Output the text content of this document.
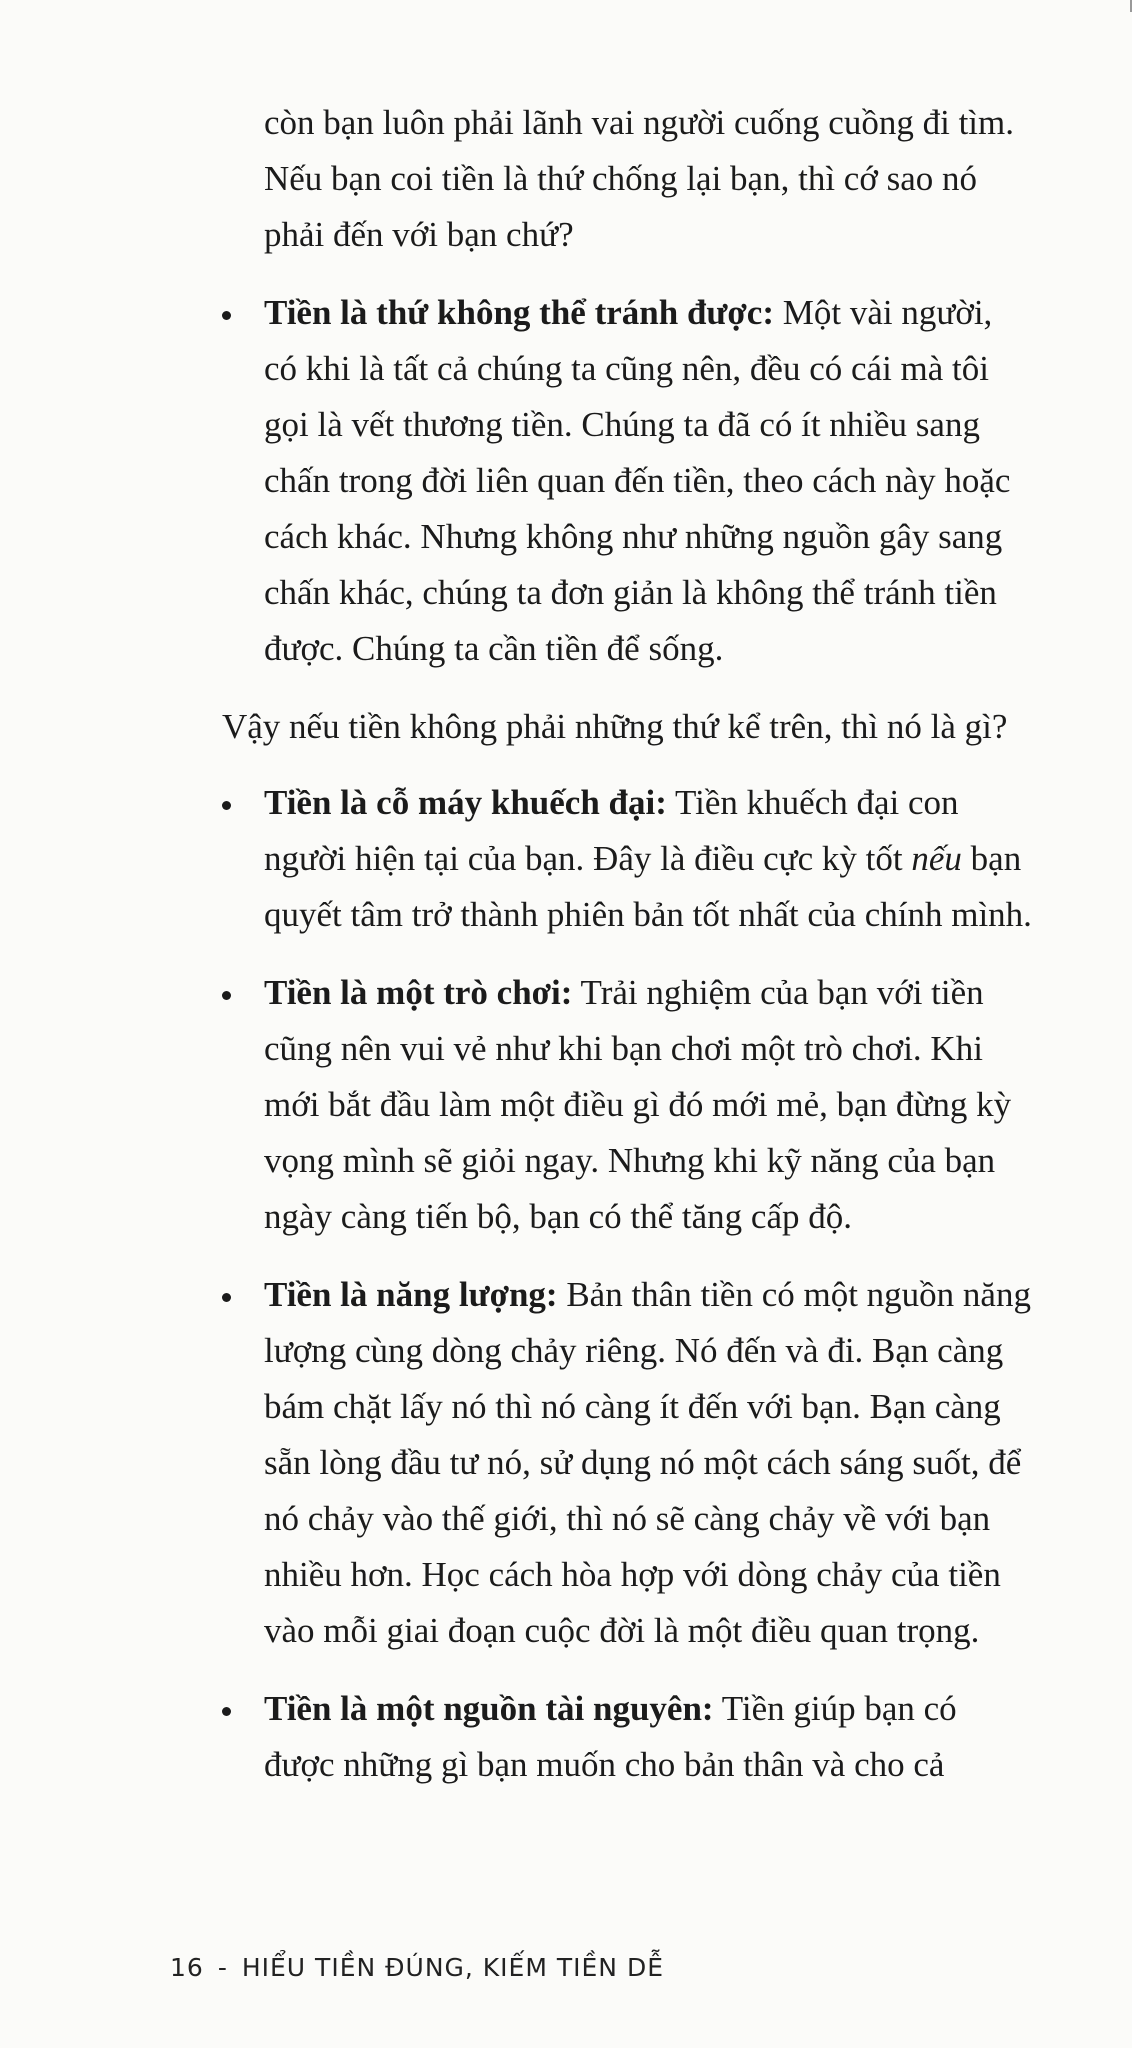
còn bạn luôn phải lãnh vai người cuống cuồng đi tìm. Nếu bạn coi tiền là thứ chống lại bạn, thì cớ sao nó phải đến với bạn chứ?

Tiền là thứ không thể tránh được: Một vài người, có khi là tất cả chúng ta cũng nên, đều có cái mà tôi gọi là vết thương tiền. Chúng ta đã có ít nhiều sang chấn trong đời liên quan đến tiền, theo cách này hoặc cách khác. Nhưng không như những nguồn gây sang chấn khác, chúng ta đơn giản là không thể tránh tiền được. Chúng ta cần tiền để sống.

Vậy nếu tiền không phải những thứ kể trên, thì nó là gì?

Tiền là cỗ máy khuếch đại: Tiền khuếch đại con người hiện tại của bạn. Đây là điều cực kỳ tốt nếu bạn quyết tâm trở thành phiên bản tốt nhất của chính mình.
Tiền là một trò chơi: Trải nghiệm của bạn với tiền cũng nên vui vẻ như khi bạn chơi một trò chơi. Khi mới bắt đầu làm một điều gì đó mới mẻ, bạn đừng kỳ vọng mình sẽ giỏi ngay. Nhưng khi kỹ năng của bạn ngày càng tiến bộ, bạn có thể tăng cấp độ.
Tiền là năng lượng: Bản thân tiền có một nguồn năng lượng cùng dòng chảy riêng. Nó đến và đi. Bạn càng bám chặt lấy nó thì nó càng ít đến với bạn. Bạn càng sẵn lòng đầu tư nó, sử dụng nó một cách sáng suốt, để nó chảy vào thế giới, thì nó sẽ càng chảy về với bạn nhiều hơn. Học cách hòa hợp với dòng chảy của tiền vào mỗi giai đoạn cuộc đời là một điều quan trọng.
Tiền là một nguồn tài nguyên: Tiền giúp bạn có được những gì bạn muốn cho bản thân và cho cả
16 - HIỂU TIỀN ĐÚNG, KIẾM TIỀN DỄ
